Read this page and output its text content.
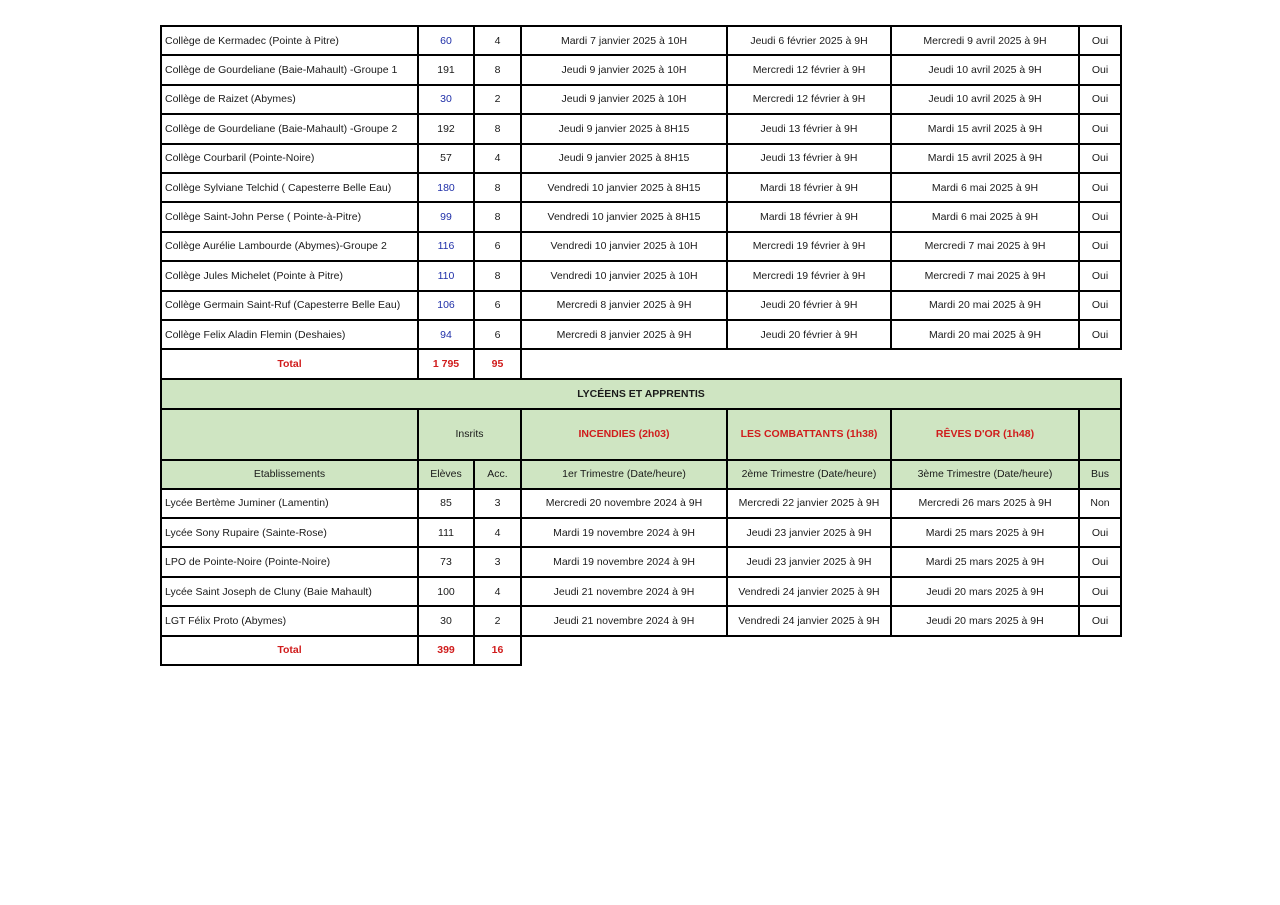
Collège de Kermadec (Pointe à Pitre)	60	4	Mardi 7 janvier 2025 à 10H	Jeudi 6 février 2025 à 9H	Mercredi 9 avril 2025 à 9H	Oui
Collège de Gourdeliane (Baie-Mahault) -Groupe 1	191	8	Jeudi 9 janvier 2025 à 10H	Mercredi 12 février à 9H	Jeudi 10 avril 2025 à 9H	Oui
Collège de Raizet (Abymes)	30	2	Jeudi 9 janvier 2025 à 10H	Mercredi 12 février à 9H	Jeudi 10 avril 2025 à 9H	Oui
Collège de Gourdeliane (Baie-Mahault) -Groupe 2	192	8	Jeudi 9 janvier 2025 à 8H15	Jeudi 13 février à 9H	Mardi 15 avril 2025 à 9H	Oui
Collège Courbaril (Pointe-Noire)	57	4	Jeudi 9 janvier 2025 à 8H15	Jeudi 13 février à 9H	Mardi 15 avril 2025 à 9H	Oui
Collège Sylviane Telchid ( Capesterre Belle Eau)	180	8	Vendredi 10 janvier 2025 à 8H15	Mardi 18 février à 9H	Mardi 6 mai 2025 à 9H	Oui
Collège Saint-John Perse ( Pointe-à-Pitre)	99	8	Vendredi 10 janvier 2025 à 8H15	Mardi 18 février à 9H	Mardi 6 mai 2025 à 9H	Oui
Collège Aurélie Lambourde (Abymes)-Groupe 2	116	6	Vendredi 10 janvier 2025 à 10H	Mercredi 19 février à 9H	Mercredi 7 mai 2025 à 9H	Oui
Collège Jules Michelet (Pointe à Pitre)	110	8	Vendredi 10 janvier 2025 à 10H	Mercredi 19 février à 9H	Mercredi 7 mai 2025 à 9H	Oui
Collège Germain Saint-Ruf (Capesterre Belle Eau)	106	6	Mercredi 8 janvier 2025 à 9H	Jeudi 20 février à 9H	Mardi 20 mai 2025 à 9H	Oui
Collège Felix Aladin Flemin (Deshaies)	94	6	Mercredi 8 janvier 2025 à 9H	Jeudi 20 février à 9H	Mardi 20 mai 2025 à 9H	Oui
Total	1 795	95				
LYCÉENS ET APPRENTIS						
	Insrits		INCENDIES (2h03)	LES COMBATTANTS (1h38)	RÊVES D'OR (1h48)	
Etablissements	Elèves	Acc.	1er Trimestre (Date/heure)	2ème Trimestre (Date/heure)	3ème Trimestre (Date/heure)	Bus
Lycée Bertème Juminer (Lamentin)	85	3	Mercredi 20 novembre 2024 à 9H	Mercredi 22 janvier 2025 à 9H	Mercredi 26 mars 2025 à 9H	Non
Lycée Sony Rupaire (Sainte-Rose)	111	4	Mardi 19 novembre 2024 à 9H	Jeudi 23 janvier 2025 à 9H	Mardi 25 mars 2025 à 9H	Oui
LPO de Pointe-Noire (Pointe-Noire)	73	3	Mardi 19 novembre 2024 à 9H	Jeudi 23 janvier 2025 à 9H	Mardi 25 mars 2025 à 9H	Oui
Lycée Saint Joseph de Cluny (Baie Mahault)	100	4	Jeudi 21 novembre 2024 à 9H	Vendredi 24 janvier 2025 à 9H	Jeudi 20 mars 2025 à 9H	Oui
LGT Félix Proto (Abymes)	30	2	Jeudi 21 novembre 2024 à 9H	Vendredi 24 janvier 2025 à 9H	Jeudi 20 mars 2025 à 9H	Oui
Total	399	16				
